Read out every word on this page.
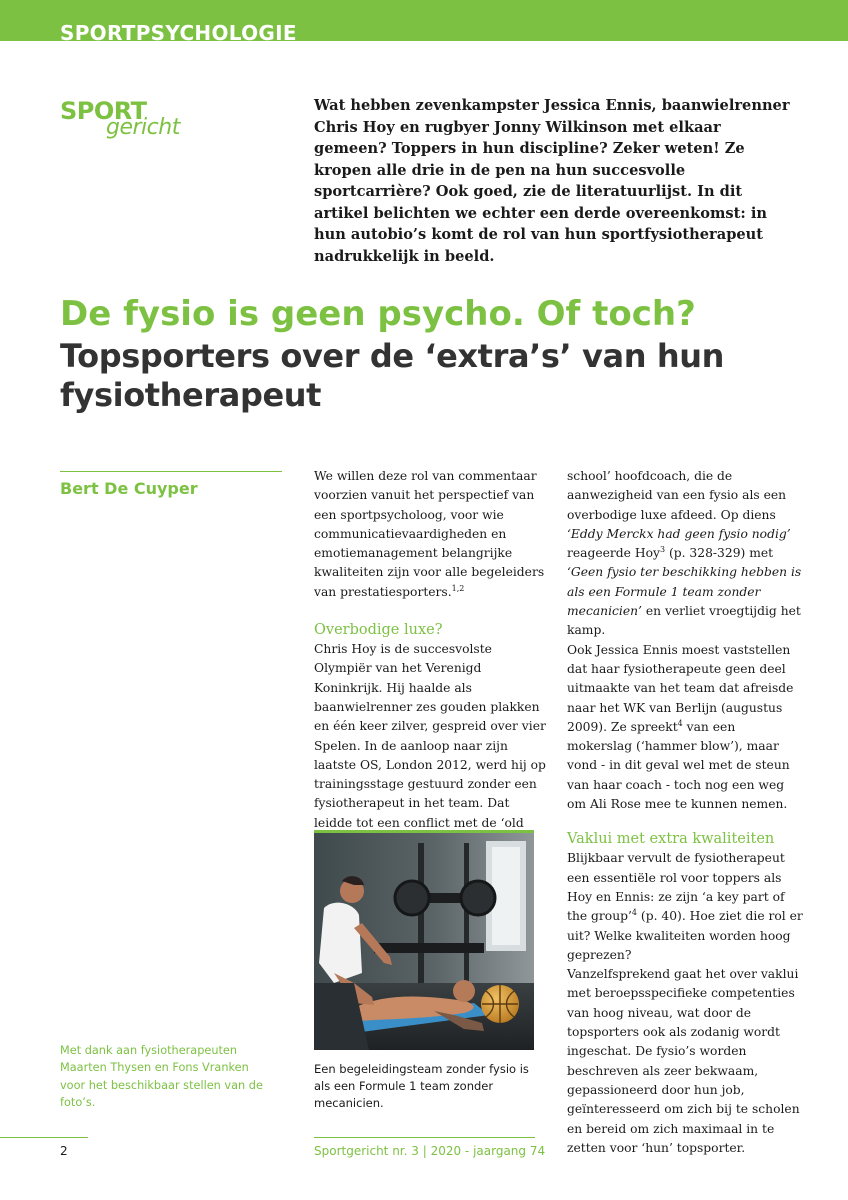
SPORTPSYCHOLOGIE
SPORT
gericht

Wat hebben zevenkampster Jessica Ennis, baanwielrenner Chris Hoy en rugbyer Jonny Wilkinson met elkaar gemeen? Toppers in hun discipline? Zeker weten! Ze kropen alle drie in de pen na hun succesvolle sportcarrière? Ook goed, zie de literatuurlijst. In dit artikel belichten we echter een derde overeenkomst: in hun autobio’s komt de rol van hun sportfysiotherapeut nadrukkelijk in beeld.

De fysio is geen psycho. Of toch?
Topsporters over de ‘extra’s’ van hun fysiotherapeut
Bert De Cuyper

We willen deze rol van commentaar voorzien vanuit het perspectief van een sportpsycholoog, voor wie communicatievaardigheden en emotiemanagement belangrijke kwaliteiten zijn voor alle begeleiders van prestatiesporters.$^{1,2}$

Overbodige luxe?

Chris Hoy is de succesvolste Olympiër van het Verenigd Koninkrijk. Hij haalde als baanwielrenner zes gouden plakken en één keer zilver, gespreid over vier Spelen. In de aanloop naar zijn laatste OS, London 2012, werd hij op trainingsstage gestuurd zonder een fysiotherapeut in het team. Dat leidde tot een conflict met de ‘old

Een begeleidingsteam zonder fysio is als een Formule 1 team zonder mecanicien.

school’ hoofdcoach, die de aanwezigheid van een fysio als een overbodige luxe afdeed. Op diens ‘Eddy Merckx had geen fysio nodig’ reageerde Hoy$^3$ (p. 328-329) met ‘Geen fysio ter beschikking hebben is als een Formule 1 team zonder mecanicien’ en verliet vroegtijdig het kamp.

Ook Jessica Ennis moest vaststellen dat haar fysiotherapeute geen deel uitmaakte van het team dat afreisde naar het WK van Berlijn (augustus 2009). Ze spreekt$^4$ van een mokerslag (‘hammer blow’), maar vond - in dit geval wel met de steun van haar coach - toch nog een weg om Ali Rose mee te kunnen nemen.

Vaklui met extra kwaliteiten

Blijkbaar vervult de fysiotherapeut een essentiële rol voor toppers als Hoy en Ennis: ze zijn ‘a key part of the group’$^4$ (p. 40). Hoe ziet die rol er uit? Welke kwaliteiten worden hoog geprezen?

Vanzelfsprekend gaat het over vaklui met beroepsspecifieke competenties van hoog niveau, wat door de topsporters ook als zodanig wordt ingeschat. De fysio’s worden beschreven als zeer bekwaam, gepassioneerd door hun job, geïnteresseerd om zich bij te scholen en bereid om zich maximaal in te zetten voor ‘hun’ topsporter.

Met dank aan fysiotherapeuten Maarten Thysen en Fons Vranken voor het beschikbaar stellen van de foto’s.

2	Sportgericht nr. 3 | 2020 - jaargang 74
